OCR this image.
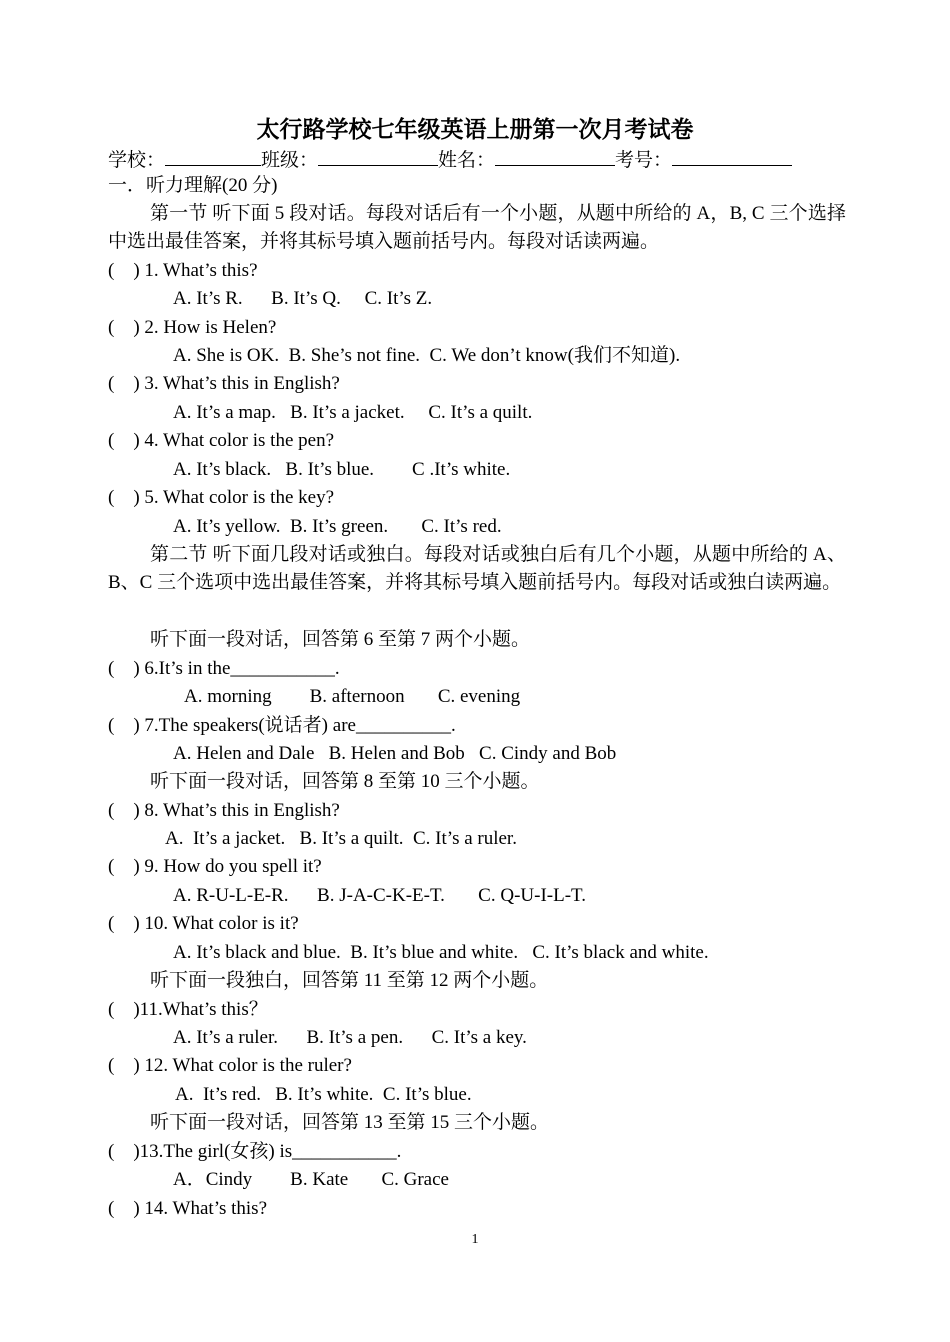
太行路学校七年级英语上册第一次月考试卷
学校：	班级：	姓名：	考号：
一．听力理解(20 分)
第一节 听下面 5 段对话。每段对话后有一个小题，从题中所给的 A，B, C 三个选择中选出最佳答案，并将其标号填入题前括号内。每段对话读两遍。
(    ) 1. What’s this?
A. It’s R.      B. It’s Q.     C. It’s Z.
(    ) 2. How is Helen?
A. She is OK.  B. She’s not fine.  C. We don’t know(我们不知道).
(    ) 3. What’s this in English?
A. It’s a map.   B. It’s a jacket.     C. It’s a quilt.
(    ) 4. What color is the pen?
A. It’s black.   B. It’s blue.        C .It’s white.
(    ) 5. What color is the key?
A. It’s yellow.  B. It’s green.       C. It’s red.
第二节 听下面几段对话或独白。每段对话或独白后有几个小题，从题中所给的 A、B、C 三个选项中选出最佳答案，并将其标号填入题前括号内。每段对话或独白读两遍。
听下面一段对话，回答第 6 至第 7 两个小题。
(    ) 6.It’s in the___________.
A. morning        B. afternoon       C. evening
(    ) 7.The speakers(说话者) are__________.
A. Helen and Dale   B. Helen and Bob   C. Cindy and Bob
听下面一段对话，回答第 8 至第 10 三个小题。
(    ) 8. What’s this in English?
A.  It’s a jacket.   B. It’s a quilt.  C. It’s a ruler.
(    ) 9. How do you spell it?
A. R-U-L-E-R.      B. J-A-C-K-E-T.       C. Q-U-I-L-T.
(    ) 10. What color is it?
A. It’s black and blue.  B. It’s blue and white.   C. It’s black and white.
听下面一段独白，回答第 11 至第 12 两个小题。
(    )11.What’s this？
A. It’s a ruler.      B. It’s a pen.      C. It’s a key.
(    ) 12. What color is the ruler?
A.  It’s red.   B. It’s white.  C. It’s blue.
听下面一段对话，回答第 13 至第 15 三个小题。
(    )13.The girl(女孩) is___________.
A．Cindy        B. Kate       C. Grace
(    ) 14. What’s this?
1
